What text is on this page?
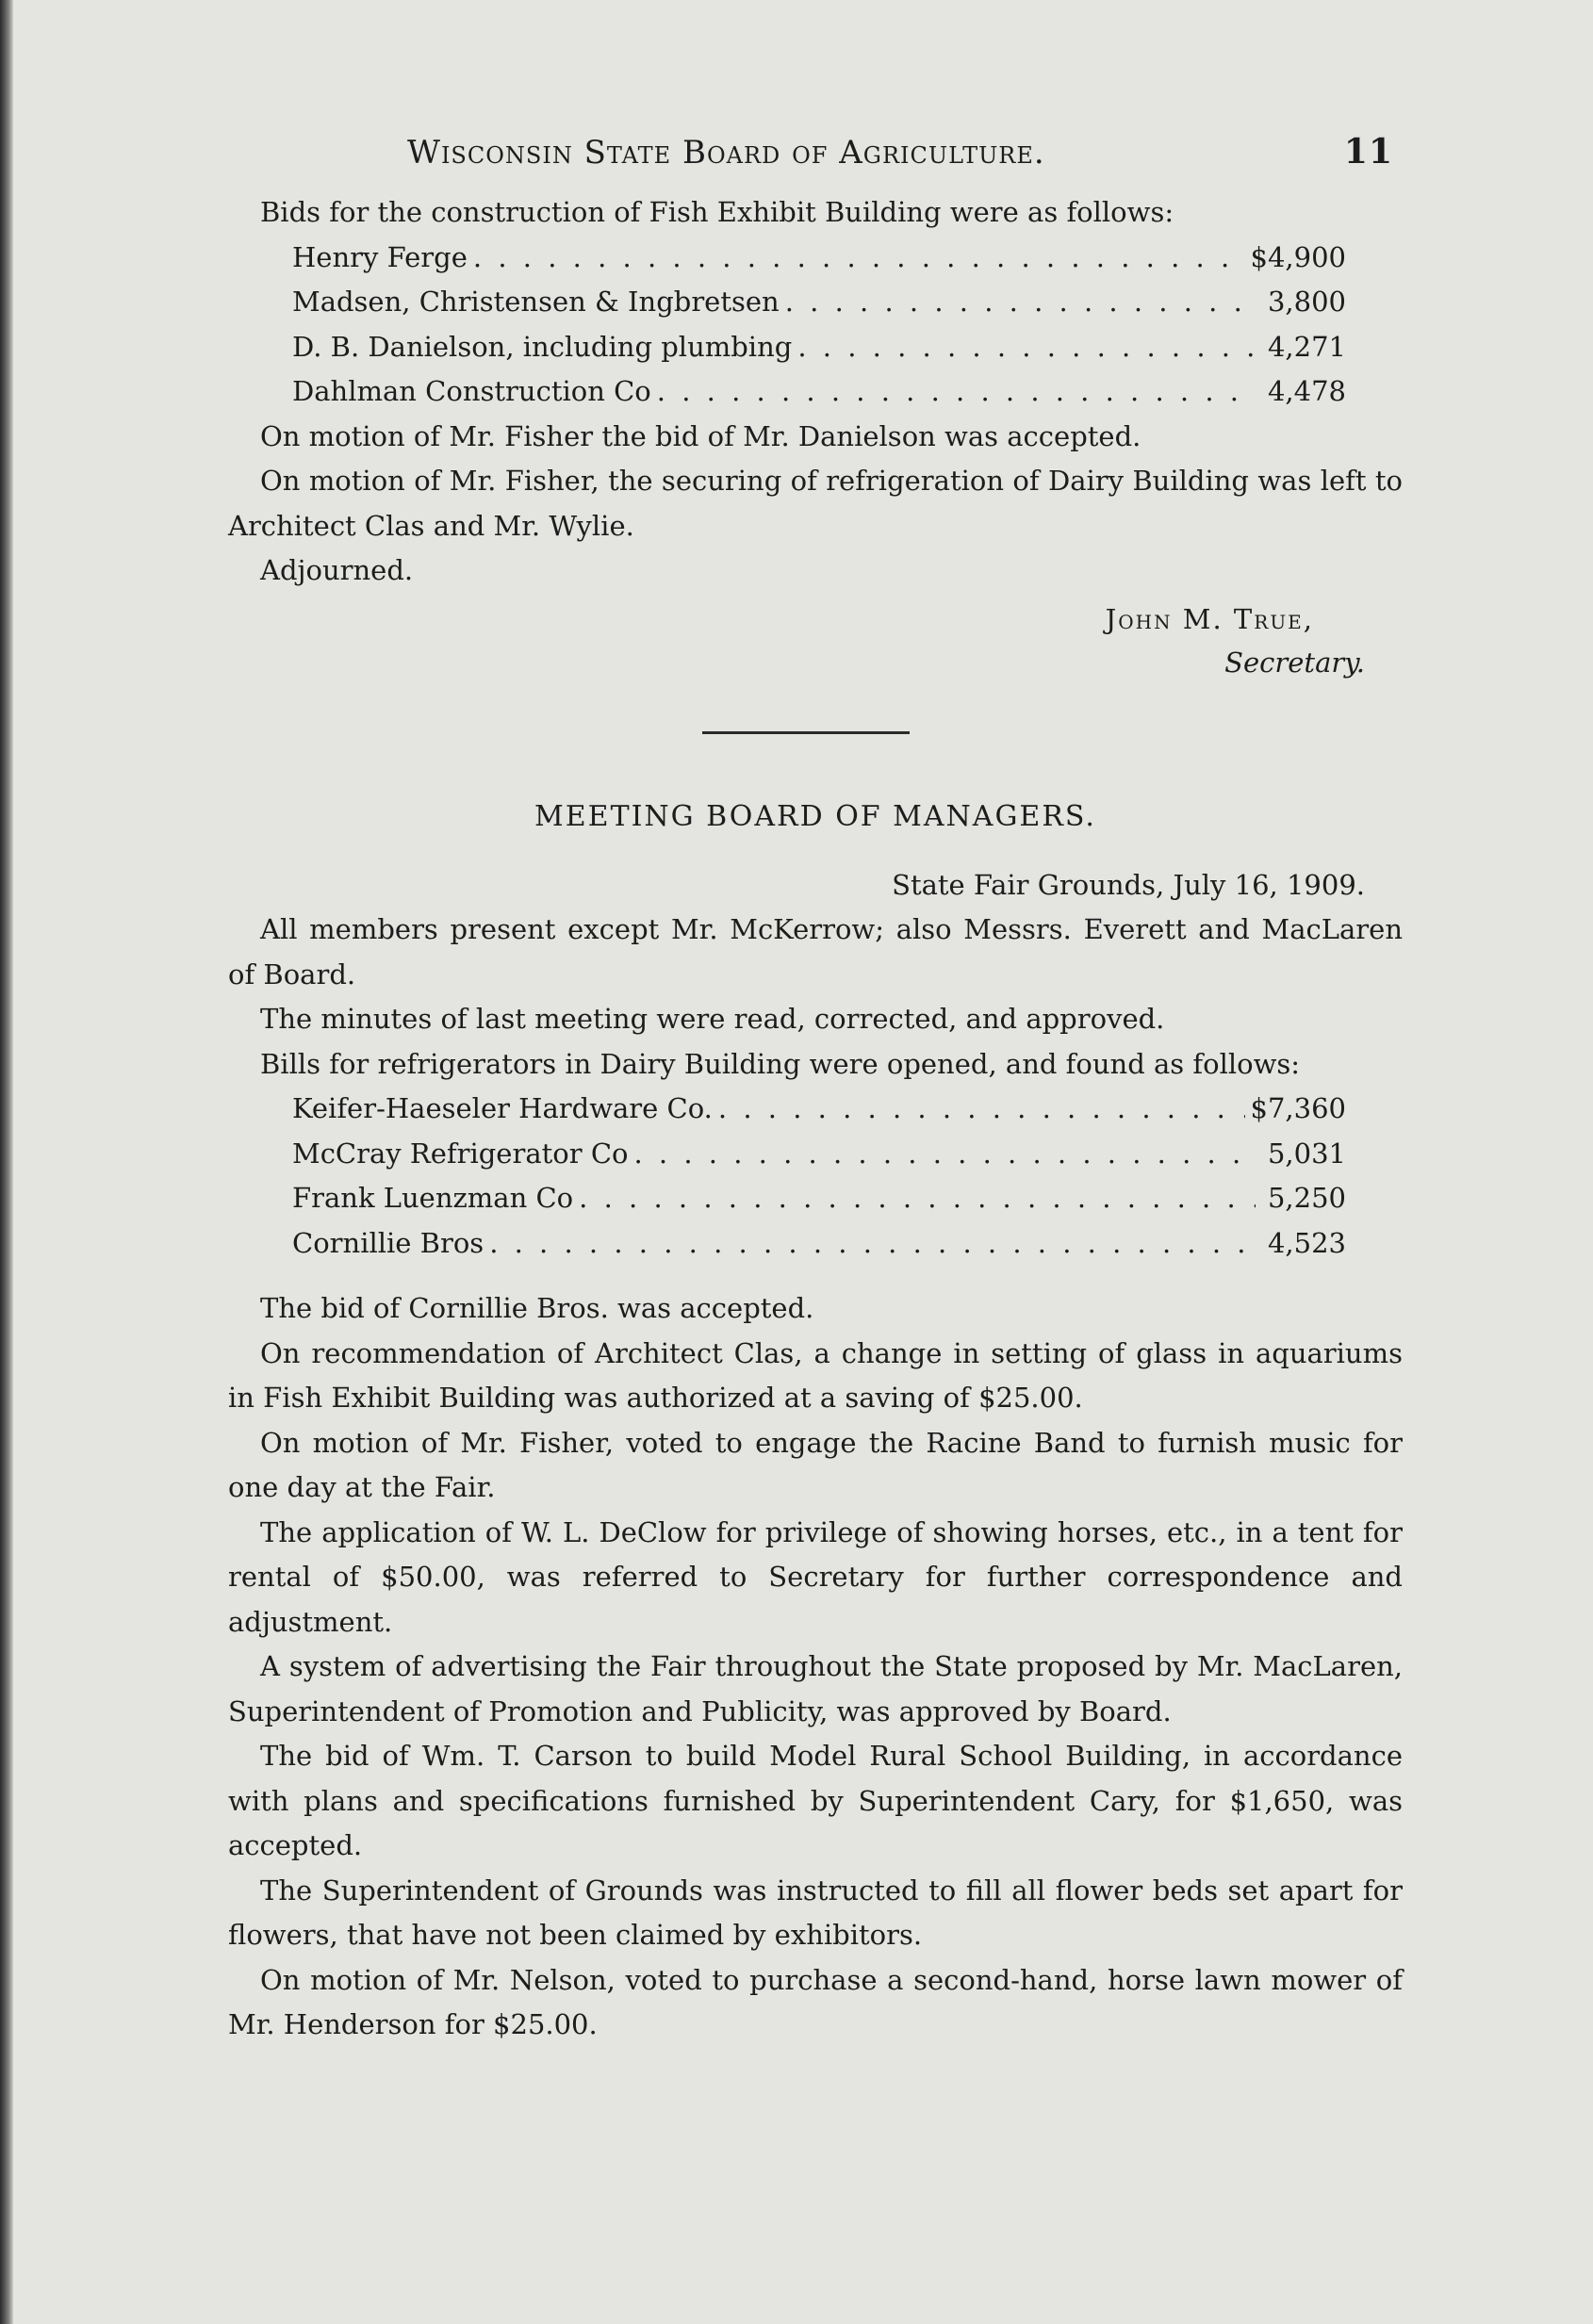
Wisconsin State Board of Agriculture.	11

Bids for the construction of Fish Exhibit Building were as follows:

Henry Ferge . . .	$4,900
Madsen, Christensen & Ingbretsen . . .	3,800
D. B. Danielson, including plumbing . . .	4,271
Dahlman Construction Co . . .	4,478

On motion of Mr. Fisher the bid of Mr. Danielson was accepted.

On motion of Mr. Fisher, the securing of refrigeration of Dairy Building was left to Architect Clas and Mr. Wylie.

Adjourned.

John M. True,
Secretary.
MEETING BOARD OF MANAGERS.
State Fair Grounds, July 16, 1909.

All members present except Mr. McKerrow; also Messrs. Everett and MacLaren of Board.

The minutes of last meeting were read, corrected, and approved.

Bills for refrigerators in Dairy Building were opened, and found as follows:

Keifer-Haeseler Hardware Co. . . .	$7,360
McCray Refrigerator Co . . .	5,031
Frank Luenzman Co . . .	5,250
Cornillie Bros . . .	4,523

The bid of Cornillie Bros. was accepted.

On recommendation of Architect Clas, a change in setting of glass in aquariums in Fish Exhibit Building was authorized at a saving of $25.00.

On motion of Mr. Fisher, voted to engage the Racine Band to furnish music for one day at the Fair.

The application of W. L. DeClow for privilege of showing horses, etc., in a tent for rental of $50.00, was referred to Secretary for further correspondence and adjustment.

A system of advertising the Fair throughout the State proposed by Mr. MacLaren, Superintendent of Promotion and Publicity, was approved by Board.

The bid of Wm. T. Carson to build Model Rural School Building, in accordance with plans and specifications furnished by Superintendent Cary, for $1,650, was accepted.

The Superintendent of Grounds was instructed to fill all flower beds set apart for flowers, that have not been claimed by exhibitors.

On motion of Mr. Nelson, voted to purchase a second-hand, horse lawn mower of Mr. Henderson for $25.00.
